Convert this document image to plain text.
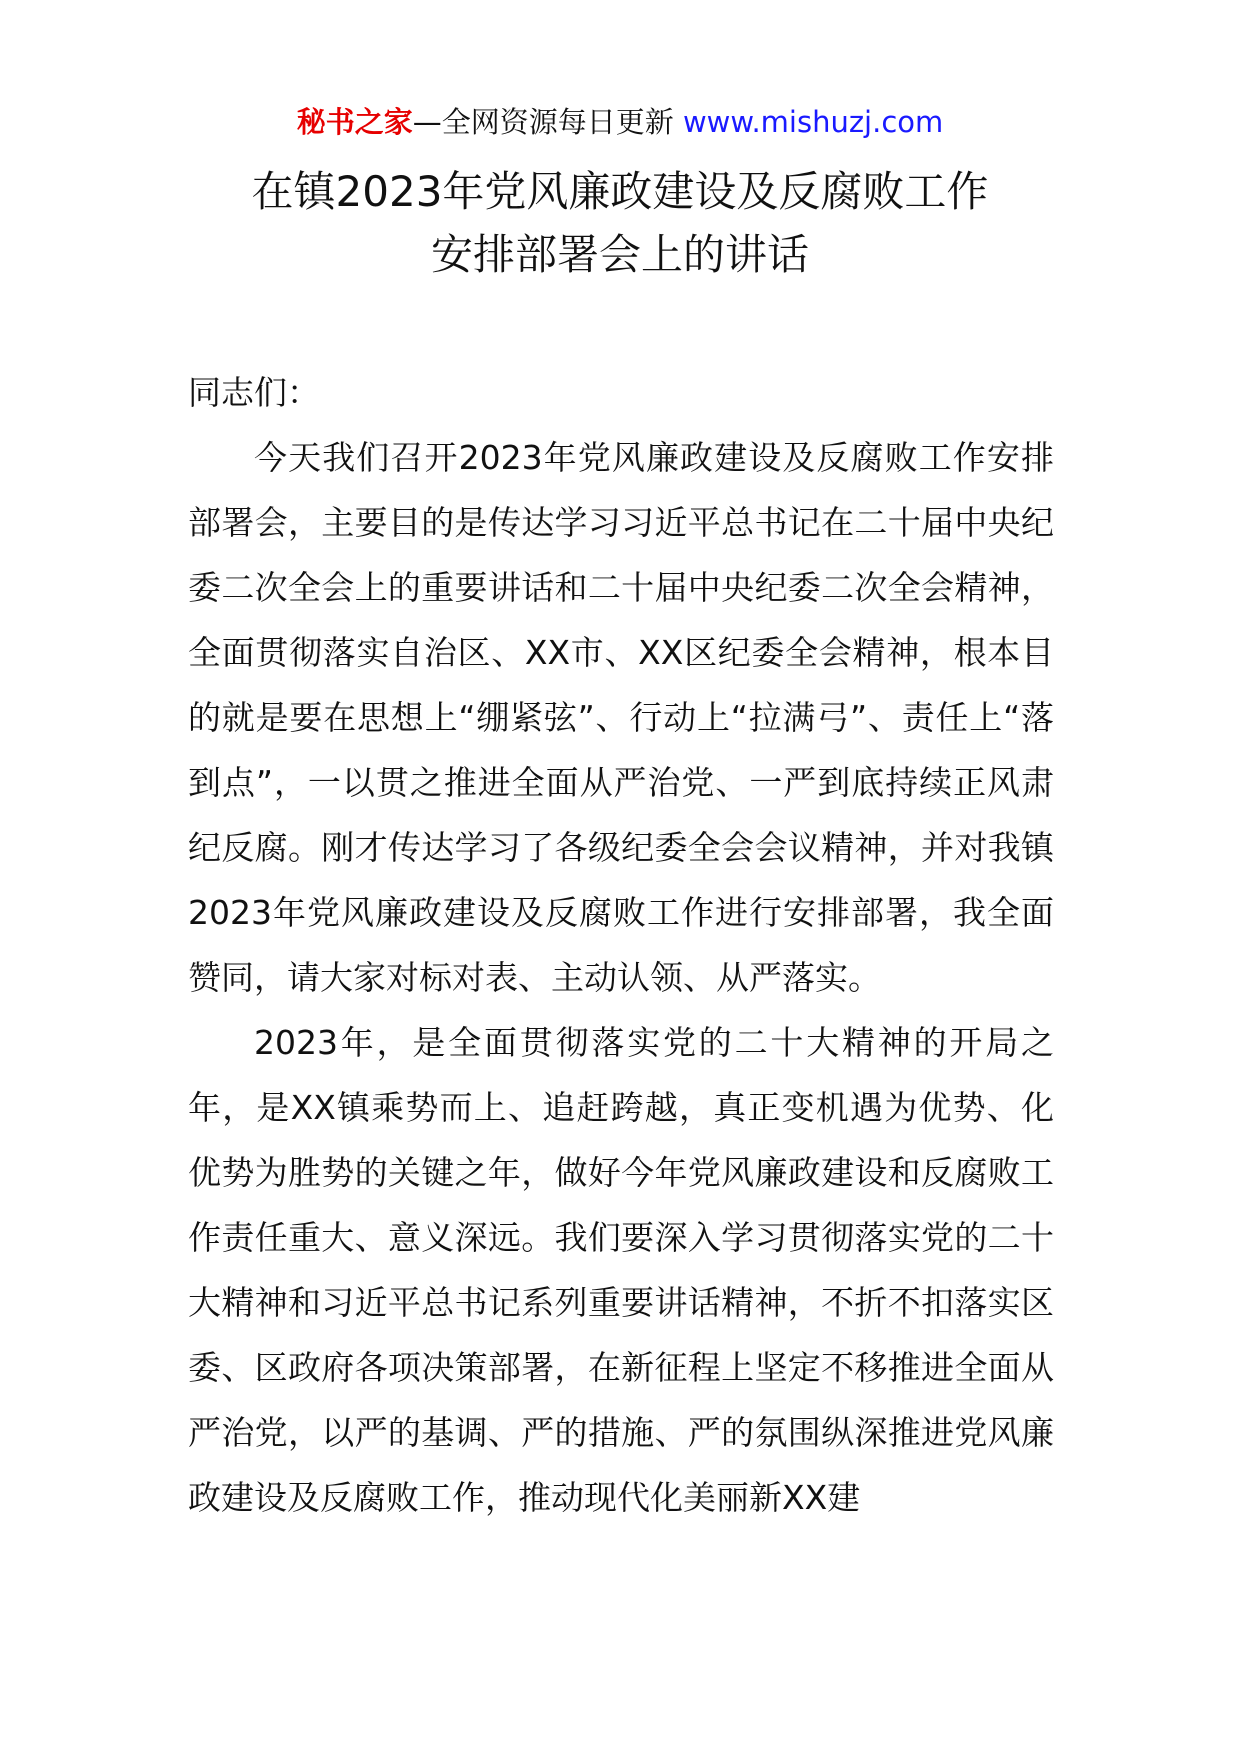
秘书之家—全网资源每日更新 www.mishuzj.com
在镇2023年党风廉政建设及反腐败工作
安排部署会上的讲话

同志们：

今天我们召开2023年党风廉政建设及反腐败工作安排部署会，主要目的是传达学习习近平总书记在二十届中央纪委二次全会上的重要讲话和二十届中央纪委二次全会精神，全面贯彻落实自治区、XX市、XX区纪委全会精神，根本目的就是要在思想上“绷紧弦”、行动上“拉满弓”、责任上“落到点”，一以贯之推进全面从严治党、一严到底持续正风肃纪反腐。刚才传达学习了各级纪委全会会议精神，并对我镇2023年党风廉政建设及反腐败工作进行安排部署，我全面赞同，请大家对标对表、主动认领、从严落实。

2023年，是全面贯彻落实党的二十大精神的开局之年，是XX镇乘势而上、追赶跨越，真正变机遇为优势、化优势为胜势的关键之年，做好今年党风廉政建设和反腐败工作责任重大、意义深远。我们要深入学习贯彻落实党的二十大精神和习近平总书记系列重要讲话精神，不折不扣落实区委、区政府各项决策部署，在新征程上坚定不移推进全面从严治党，以严的基调、严的措施、严的氛围纵深推进党风廉政建设及反腐败工作，推动现代化美丽新XX建
